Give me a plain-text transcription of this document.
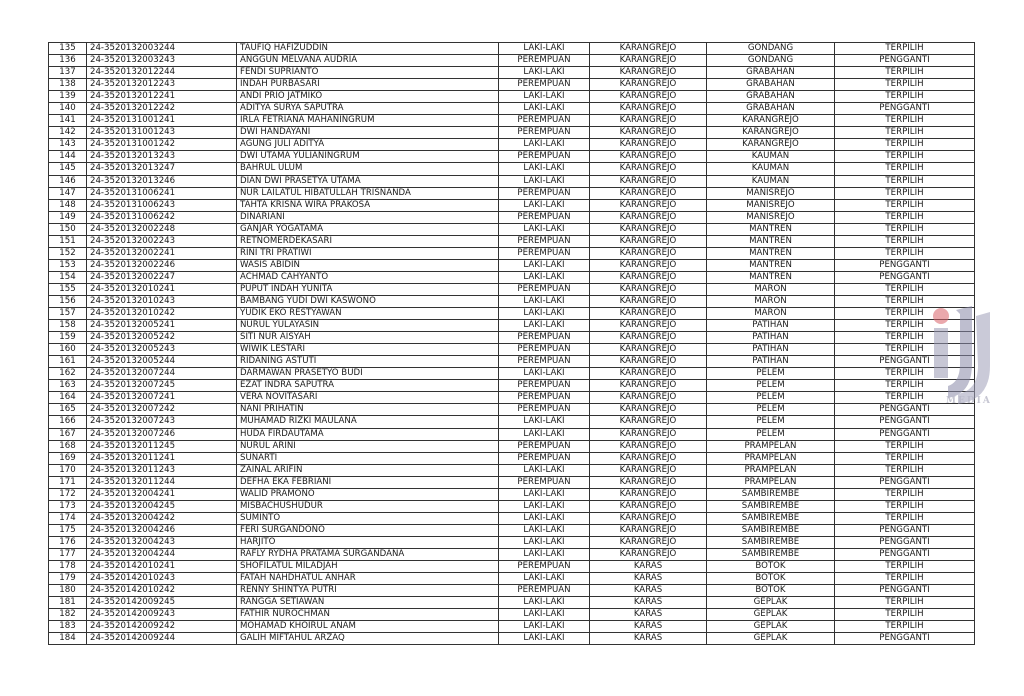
135	24-3520132003244	TAUFIQ HAFIZUDDIN	LAKI-LAKI	KARANGREJO	GONDANG	TERPILIH
136	24-3520132003243	ANGGUN MELVANA AUDRIA	PEREMPUAN	KARANGREJO	GONDANG	PENGGANTI
137	24-3520132012244	FENDI SUPRIANTO	LAKI-LAKI	KARANGREJO	GRABAHAN	TERPILIH
138	24-3520132012243	INDAH PURBASARI	PEREMPUAN	KARANGREJO	GRABAHAN	TERPILIH
139	24-3520132012241	ANDI PRIO JATMIKO	LAKI-LAKI	KARANGREJO	GRABAHAN	TERPILIH
140	24-3520132012242	ADITYA SURYA SAPUTRA	LAKI-LAKI	KARANGREJO	GRABAHAN	PENGGANTI
141	24-3520131001241	IRLA FETRIANA MAHANINGRUM	PEREMPUAN	KARANGREJO	KARANGREJO	TERPILIH
142	24-3520131001243	DWI HANDAYANI	PEREMPUAN	KARANGREJO	KARANGREJO	TERPILIH
143	24-3520131001242	AGUNG JULI ADITYA	LAKI-LAKI	KARANGREJO	KARANGREJO	TERPILIH
144	24-3520132013243	DWI UTAMA YULIANINGRUM	PEREMPUAN	KARANGREJO	KAUMAN	TERPILIH
145	24-3520132013247	BAHRUL ULUM	LAKI-LAKI	KARANGREJO	KAUMAN	TERPILIH
146	24-3520132013246	DIAN DWI PRASETYA UTAMA	LAKI-LAKI	KARANGREJO	KAUMAN	TERPILIH
147	24-3520131006241	NUR LAILATUL HIBATULLAH TRISNANDA	PEREMPUAN	KARANGREJO	MANISREJO	TERPILIH
148	24-3520131006243	TAHTA KRISNA WIRA PRAKOSA	LAKI-LAKI	KARANGREJO	MANISREJO	TERPILIH
149	24-3520131006242	DINARIANI	PEREMPUAN	KARANGREJO	MANISREJO	TERPILIH
150	24-3520132002248	GANJAR YOGATAMA	LAKI-LAKI	KARANGREJO	MANTREN	TERPILIH
151	24-3520132002243	RETNOMERDEKASARI	PEREMPUAN	KARANGREJO	MANTREN	TERPILIH
152	24-3520132002241	RINI TRI PRATIWI	PEREMPUAN	KARANGREJO	MANTREN	TERPILIH
153	24-3520132002246	WASIS ABIDIN	LAKI-LAKI	KARANGREJO	MANTREN	PENGGANTI
154	24-3520132002247	ACHMAD CAHYANTO	LAKI-LAKI	KARANGREJO	MANTREN	PENGGANTI
155	24-3520132010241	PUPUT INDAH YUNITA	PEREMPUAN	KARANGREJO	MARON	TERPILIH
156	24-3520132010243	BAMBANG YUDI DWI KASWONO	LAKI-LAKI	KARANGREJO	MARON	TERPILIH
157	24-3520132010242	YUDIK EKO RESTYAWAN	LAKI-LAKI	KARANGREJO	MARON	TERPILIH
158	24-3520132005241	NURUL YULAYASIN	LAKI-LAKI	KARANGREJO	PATIHAN	TERPILIH
159	24-3520132005242	SITI NUR AISYAH	PEREMPUAN	KARANGREJO	PATIHAN	TERPILIH
160	24-3520132005243	WIWIK LESTARI	PEREMPUAN	KARANGREJO	PATIHAN	TERPILIH
161	24-3520132005244	RIDANING ASTUTI	PEREMPUAN	KARANGREJO	PATIHAN	PENGGANTI
162	24-3520132007244	DARMAWAN PRASETYO BUDI	LAKI-LAKI	KARANGREJO	PELEM	TERPILIH
163	24-3520132007245	EZAT INDRA SAPUTRA	PEREMPUAN	KARANGREJO	PELEM	TERPILIH
164	24-3520132007241	VERA NOVITASARI	PEREMPUAN	KARANGREJO	PELEM	TERPILIH
165	24-3520132007242	NANI PRIHATIN	PEREMPUAN	KARANGREJO	PELEM	PENGGANTI
166	24-3520132007243	MUHAMAD RIZKI MAULANA	LAKI-LAKI	KARANGREJO	PELEM	PENGGANTI
167	24-3520132007246	HUDA FIRDAUTAMA	LAKI-LAKI	KARANGREJO	PELEM	PENGGANTI
168	24-3520132011245	NURUL ARINI	PEREMPUAN	KARANGREJO	PRAMPELAN	TERPILIH
169	24-3520132011241	SUNARTI	PEREMPUAN	KARANGREJO	PRAMPELAN	TERPILIH
170	24-3520132011243	ZAINAL ARIFIN	LAKI-LAKI	KARANGREJO	PRAMPELAN	TERPILIH
171	24-3520132011244	DEFHA EKA FEBRIANI	PEREMPUAN	KARANGREJO	PRAMPELAN	PENGGANTI
172	24-3520132004241	WALID PRAMONO	LAKI-LAKI	KARANGREJO	SAMBIREMBE	TERPILIH
173	24-3520132004245	MISBACHUSHUDUR	LAKI-LAKI	KARANGREJO	SAMBIREMBE	TERPILIH
174	24-3520132004242	SUMINTO	LAKI-LAKI	KARANGREJO	SAMBIREMBE	TERPILIH
175	24-3520132004246	FERI SURGANDONO	LAKI-LAKI	KARANGREJO	SAMBIREMBE	PENGGANTI
176	24-3520132004243	HARJITO	LAKI-LAKI	KARANGREJO	SAMBIREMBE	PENGGANTI
177	24-3520132004244	RAFLY RYDHA PRATAMA SURGANDANA	LAKI-LAKI	KARANGREJO	SAMBIREMBE	PENGGANTI
178	24-3520142010241	SHOFILATUL MILADJAH	PEREMPUAN	KARAS	BOTOK	TERPILIH
179	24-3520142010243	FATAH NAHDHATUL ANHAR	LAKI-LAKI	KARAS	BOTOK	TERPILIH
180	24-3520142010242	RENNY SHINTYA PUTRI	PEREMPUAN	KARAS	BOTOK	PENGGANTI
181	24-3520142009245	RANGGA SETIAWAN	LAKI-LAKI	KARAS	GEPLAK	TERPILIH
182	24-3520142009243	FATHIR NUROCHMAN	LAKI-LAKI	KARAS	GEPLAK	TERPILIH
183	24-3520142009242	MOHAMAD KHOIRUL ANAM	LAKI-LAKI	KARAS	GEPLAK	TERPILIH
184	24-3520142009244	GALIH MIFTAHUL ARZAQ	LAKI-LAKI	KARAS	GEPLAK	PENGGANTI
MEDIA
